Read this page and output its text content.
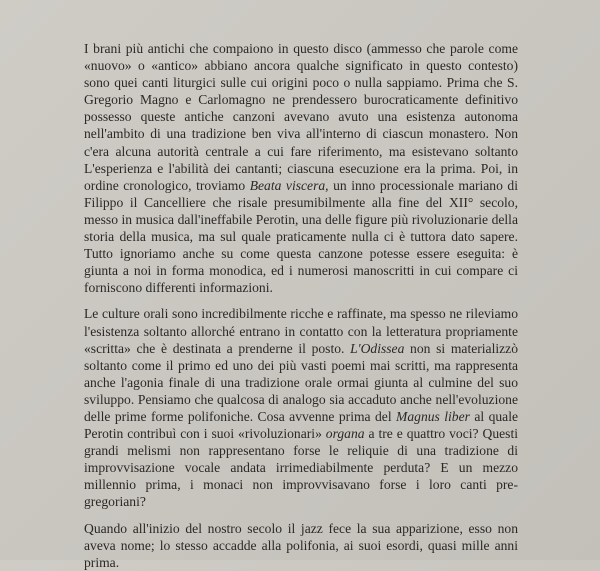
I brani più antichi che compaiono in questo disco (ammesso che parole come «nuovo» o «antico» abbiano ancora qualche significato in questo contesto) sono quei canti liturgici sulle cui origini poco o nulla sappiamo. Prima che S. Gregorio Magno e Carlomagno ne prendessero burocraticamente definitivo possesso queste antiche canzoni avevano avuto una esistenza autonoma nell'ambito di una tradizione ben viva all'interno di ciascun monastero. Non c'era alcuna autorità centrale a cui fare riferimento, ma esistevano soltanto L'esperienza e l'abilità dei cantanti; ciascuna esecuzione era la prima. Poi, in ordine cronologico, troviamo Beata viscera, un inno processionale mariano di Filippo il Cancelliere che risale presumibilmente alla fine del XII° secolo, messo in musica dall'ineffabile Perotin, una delle figure più rivoluzionarie della storia della musica, ma sul quale praticamente nulla ci è tuttora dato sapere. Tutto ignoriamo anche su come questa canzone potesse essere eseguita: è giunta a noi in forma monodica, ed i numerosi manoscritti in cui compare ci forniscono differenti informazioni.

Le culture orali sono incredibilmente ricche e raffinate, ma spesso ne rileviamo l'esistenza soltanto allorché entrano in contatto con la letteratura propriamente «scritta» che è destinata a prenderne il posto. L'Odissea non si materializzò soltanto come il primo ed uno dei più vasti poemi mai scritti, ma rappresenta anche l'agonia finale di una tradizione orale ormai giunta al culmine del suo sviluppo. Pensiamo che qualcosa di analogo sia accaduto anche nell'evoluzione delle prime forme polifoniche. Cosa avvenne prima del Magnus liber al quale Perotin contribuì con i suoi «rivoluzionari» organa a tre e quattro voci? Questi grandi melismi non rappresentano forse le reliquie di una tradizione di improvvisazione vocale andata irrimediabilmente perduta? E un mezzo millennio prima, i monaci non improvvisavano forse i loro canti pre-gregoriani?

Quando all'inizio del nostro secolo il jazz fece la sua apparizione, esso non aveva nome; lo stesso accadde alla polifonia, ai suoi esordi, quasi mille anni prima.
